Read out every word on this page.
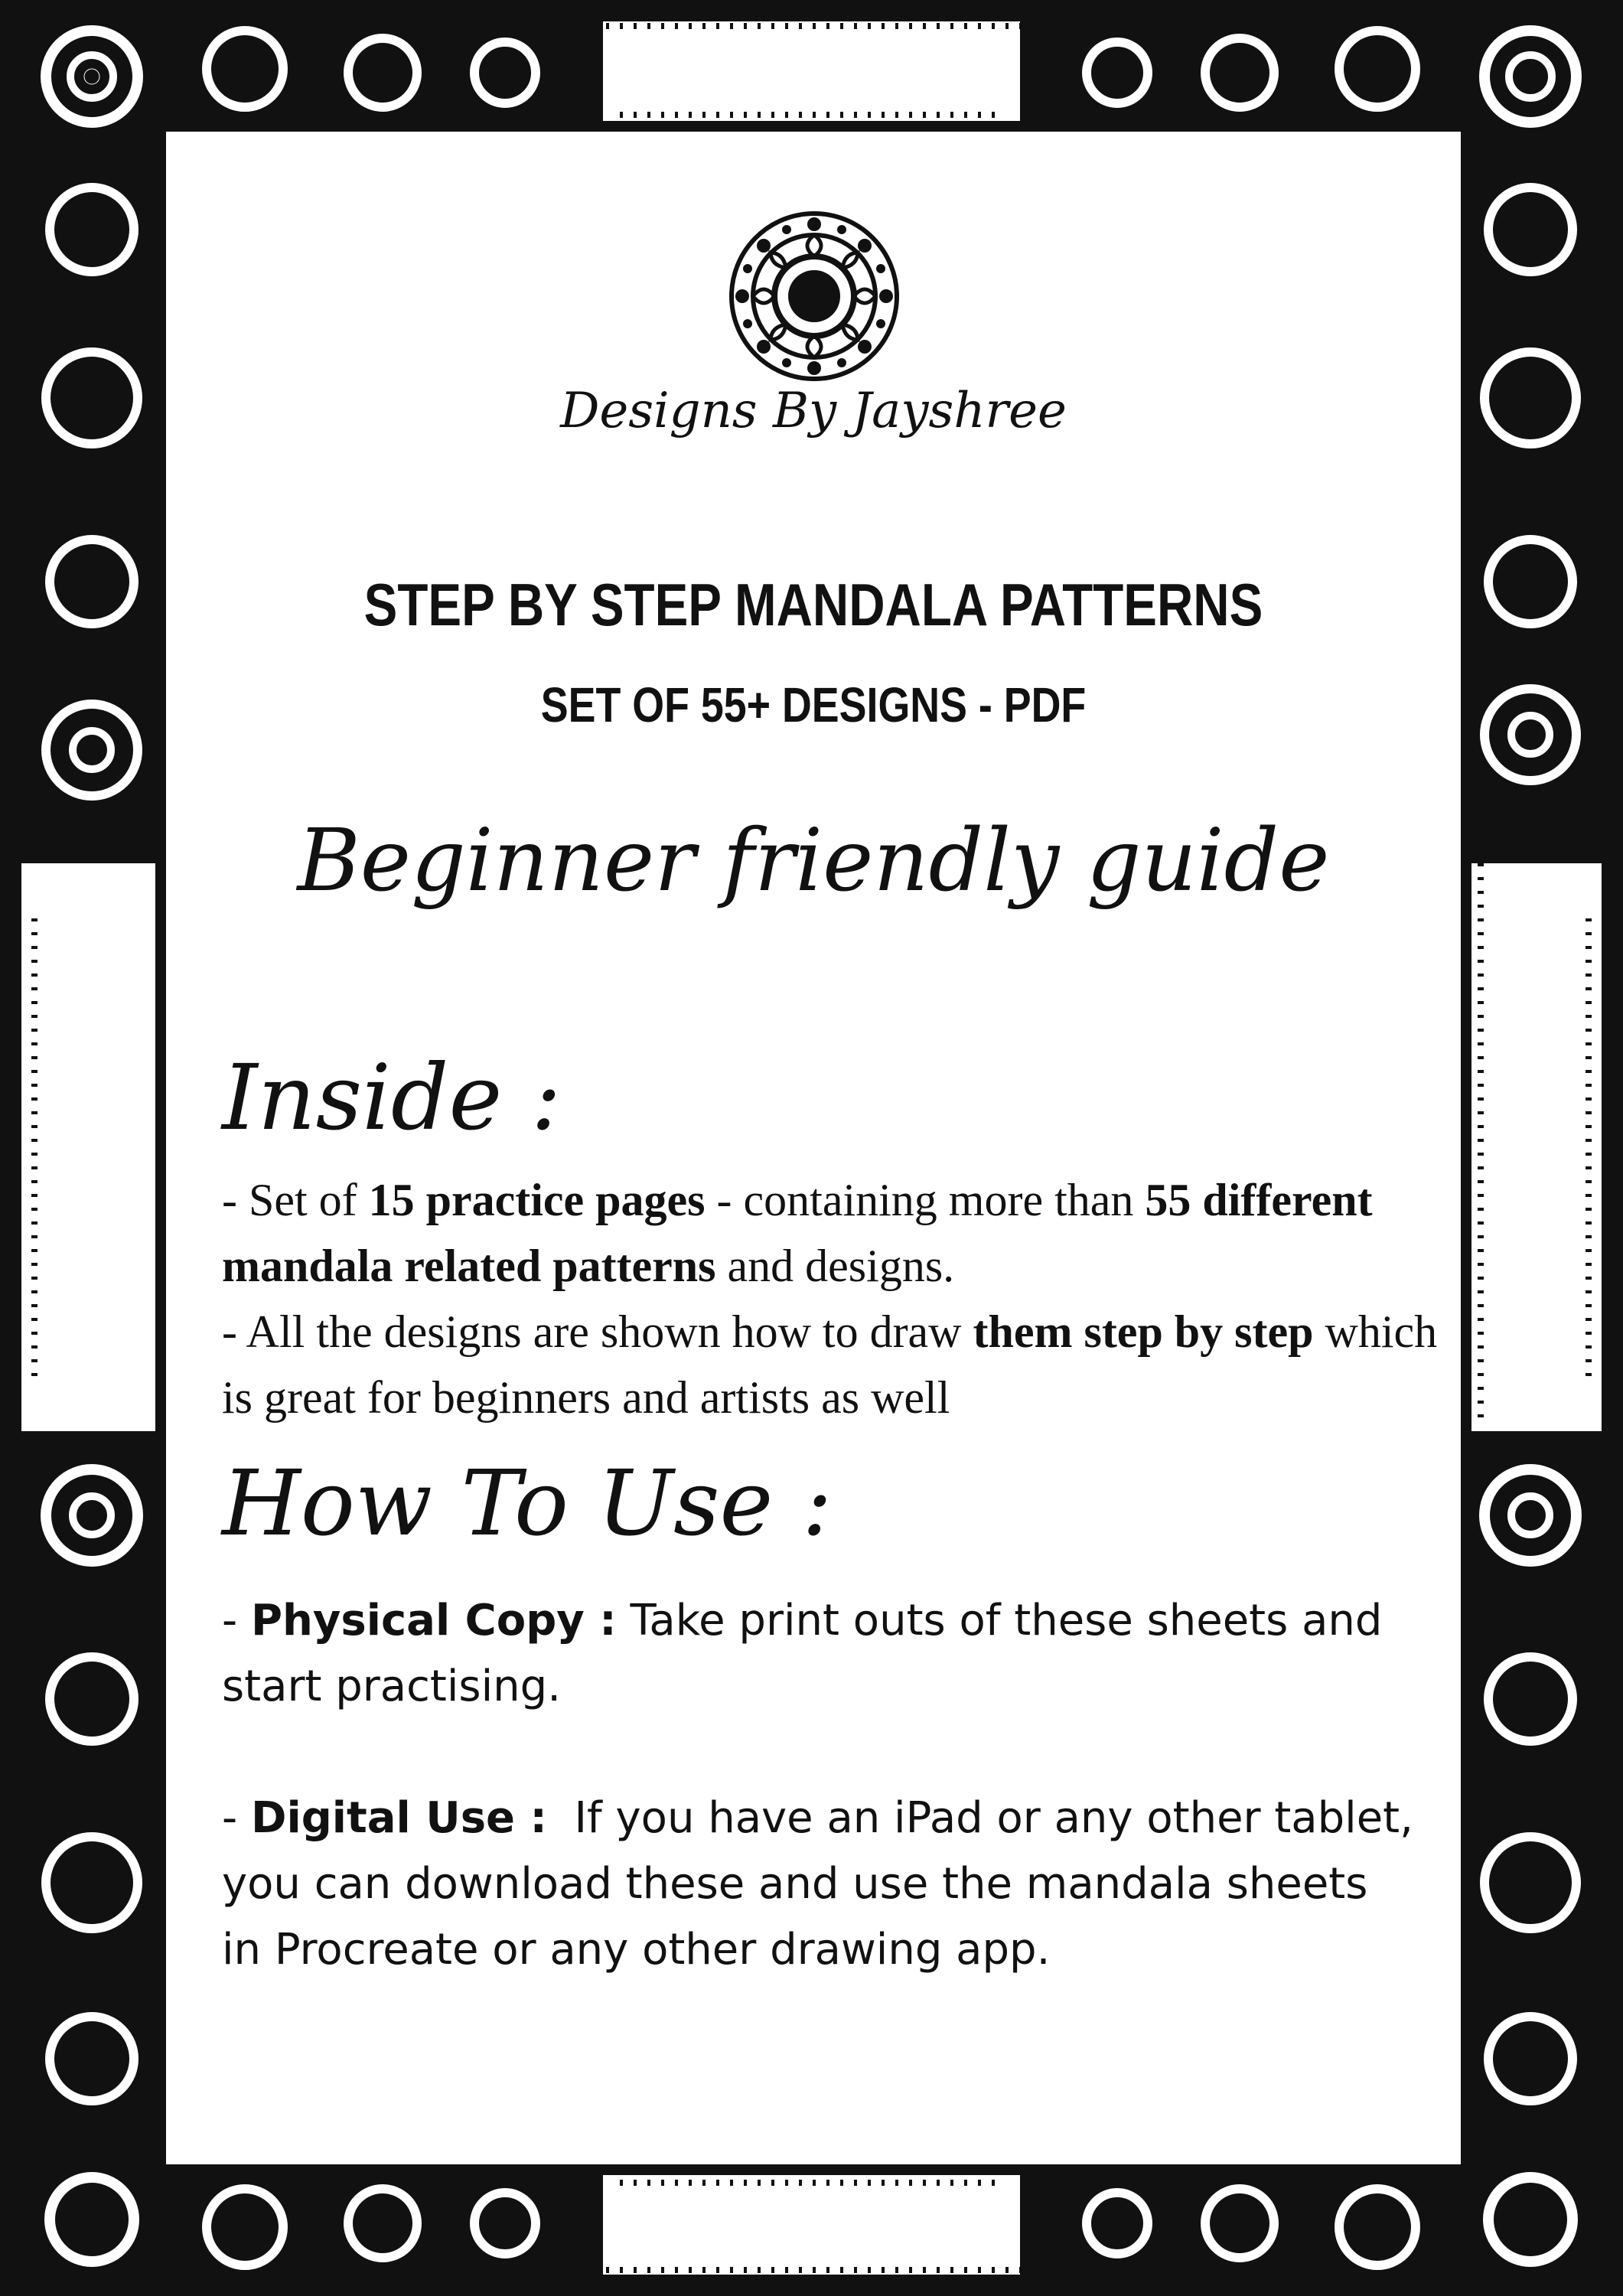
Designs By Jayshree
STEP BY STEP MANDALA PATTERNS
SET OF 55+ DESIGNS - PDF
Beginner friendly guide
Inside :

- Set of 15 practice pages - containing more than 55 different mandala related patterns and designs.

- All the designs are shown how to draw them step by step which is great for beginners and artists as well

How To Use :

- Physical Copy : Take print outs of these sheets and start practising.

- Digital Use :  If you have an iPad or any other tablet, you can download these and use the mandala sheets in Procreate or any other drawing app.
